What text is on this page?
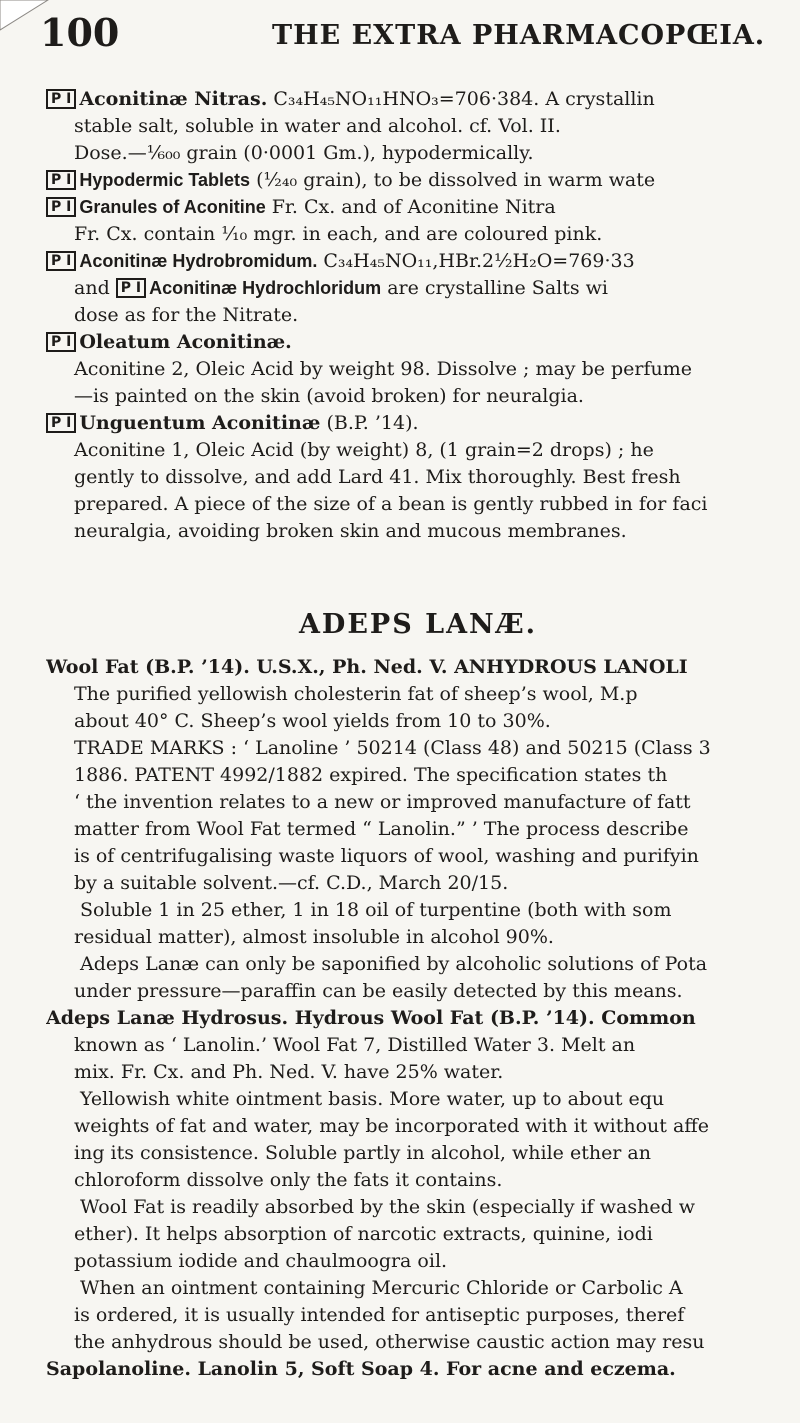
100	THE EXTRA PHARMACOPŒIA.

P I Aconitinæ Nitras. C₃₄H₄₅NO₁₁HNO₃=706·384. A crystallin

stable salt, soluble in water and alcohol. cf. Vol. II.

Dose.—¹⁄₆₀₀ grain (0·0001 Gm.), hypodermically.

P I Hypodermic Tablets (¹⁄₂₄₀ grain), to be dissolved in warm wate

P I Granules of Aconitine Fr. Cx. and of Aconitine Nitra

Fr. Cx. contain ¹⁄₁₀ mgr. in each, and are coloured pink.

P I Aconitinæ Hydrobromidum. C₃₄H₄₅NO₁₁,HBr.2½H₂O=769·33

and P I Aconitinæ Hydrochloridum are crystalline Salts wi

dose as for the Nitrate.

P I Oleatum Aconitinæ.

Aconitine 2, Oleic Acid by weight 98. Dissolve ; may be perfume

—is painted on the skin (avoid broken) for neuralgia.

P I Unguentum Aconitinæ (B.P. ’14).

Aconitine 1, Oleic Acid (by weight) 8, (1 grain=2 drops) ; he

gently to dissolve, and add Lard 41. Mix thoroughly. Best fresh

prepared. A piece of the size of a bean is gently rubbed in for faci

neuralgia, avoiding broken skin and mucous membranes.

ADEPS LANÆ.

Wool Fat (B.P. ’14). U.S.X., Ph. Ned. V. ANHYDROUS LANOLI

The purified yellowish cholesterin fat of sheep’s wool, M.p

about 40° C. Sheep’s wool yields from 10 to 30%.

TRADE MARKS : ‘ Lanoline ’ 50214 (Class 48) and 50215 (Class 3

1886. PATENT 4992/1882 expired. The specification states th

‘ the invention relates to a new or improved manufacture of fatt

matter from Wool Fat termed “ Lanolin.” ’ The process describe

is of centrifugalising waste liquors of wool, washing and purifyin

by a suitable solvent.—cf. C.D., March 20/15.

Soluble 1 in 25 ether, 1 in 18 oil of turpentine (both with som

residual matter), almost insoluble in alcohol 90%.

Adeps Lanæ can only be saponified by alcoholic solutions of Pota

under pressure—paraffin can be easily detected by this means.

Adeps Lanæ Hydrosus. Hydrous Wool Fat (B.P. ’14). Common

known as ‘ Lanolin.’ Wool Fat 7, Distilled Water 3. Melt an

mix. Fr. Cx. and Ph. Ned. V. have 25% water.

Yellowish white ointment basis. More water, up to about equ

weights of fat and water, may be incorporated with it without affe

ing its consistence. Soluble partly in alcohol, while ether an

chloroform dissolve only the fats it contains.

Wool Fat is readily absorbed by the skin (especially if washed w

ether). It helps absorption of narcotic extracts, quinine, iodi

potassium iodide and chaulmoogra oil.

When an ointment containing Mercuric Chloride or Carbolic A

is ordered, it is usually intended for antiseptic purposes, theref

the anhydrous should be used, otherwise caustic action may resu

Sapolanoline. Lanolin 5, Soft Soap 4. For acne and eczema.
